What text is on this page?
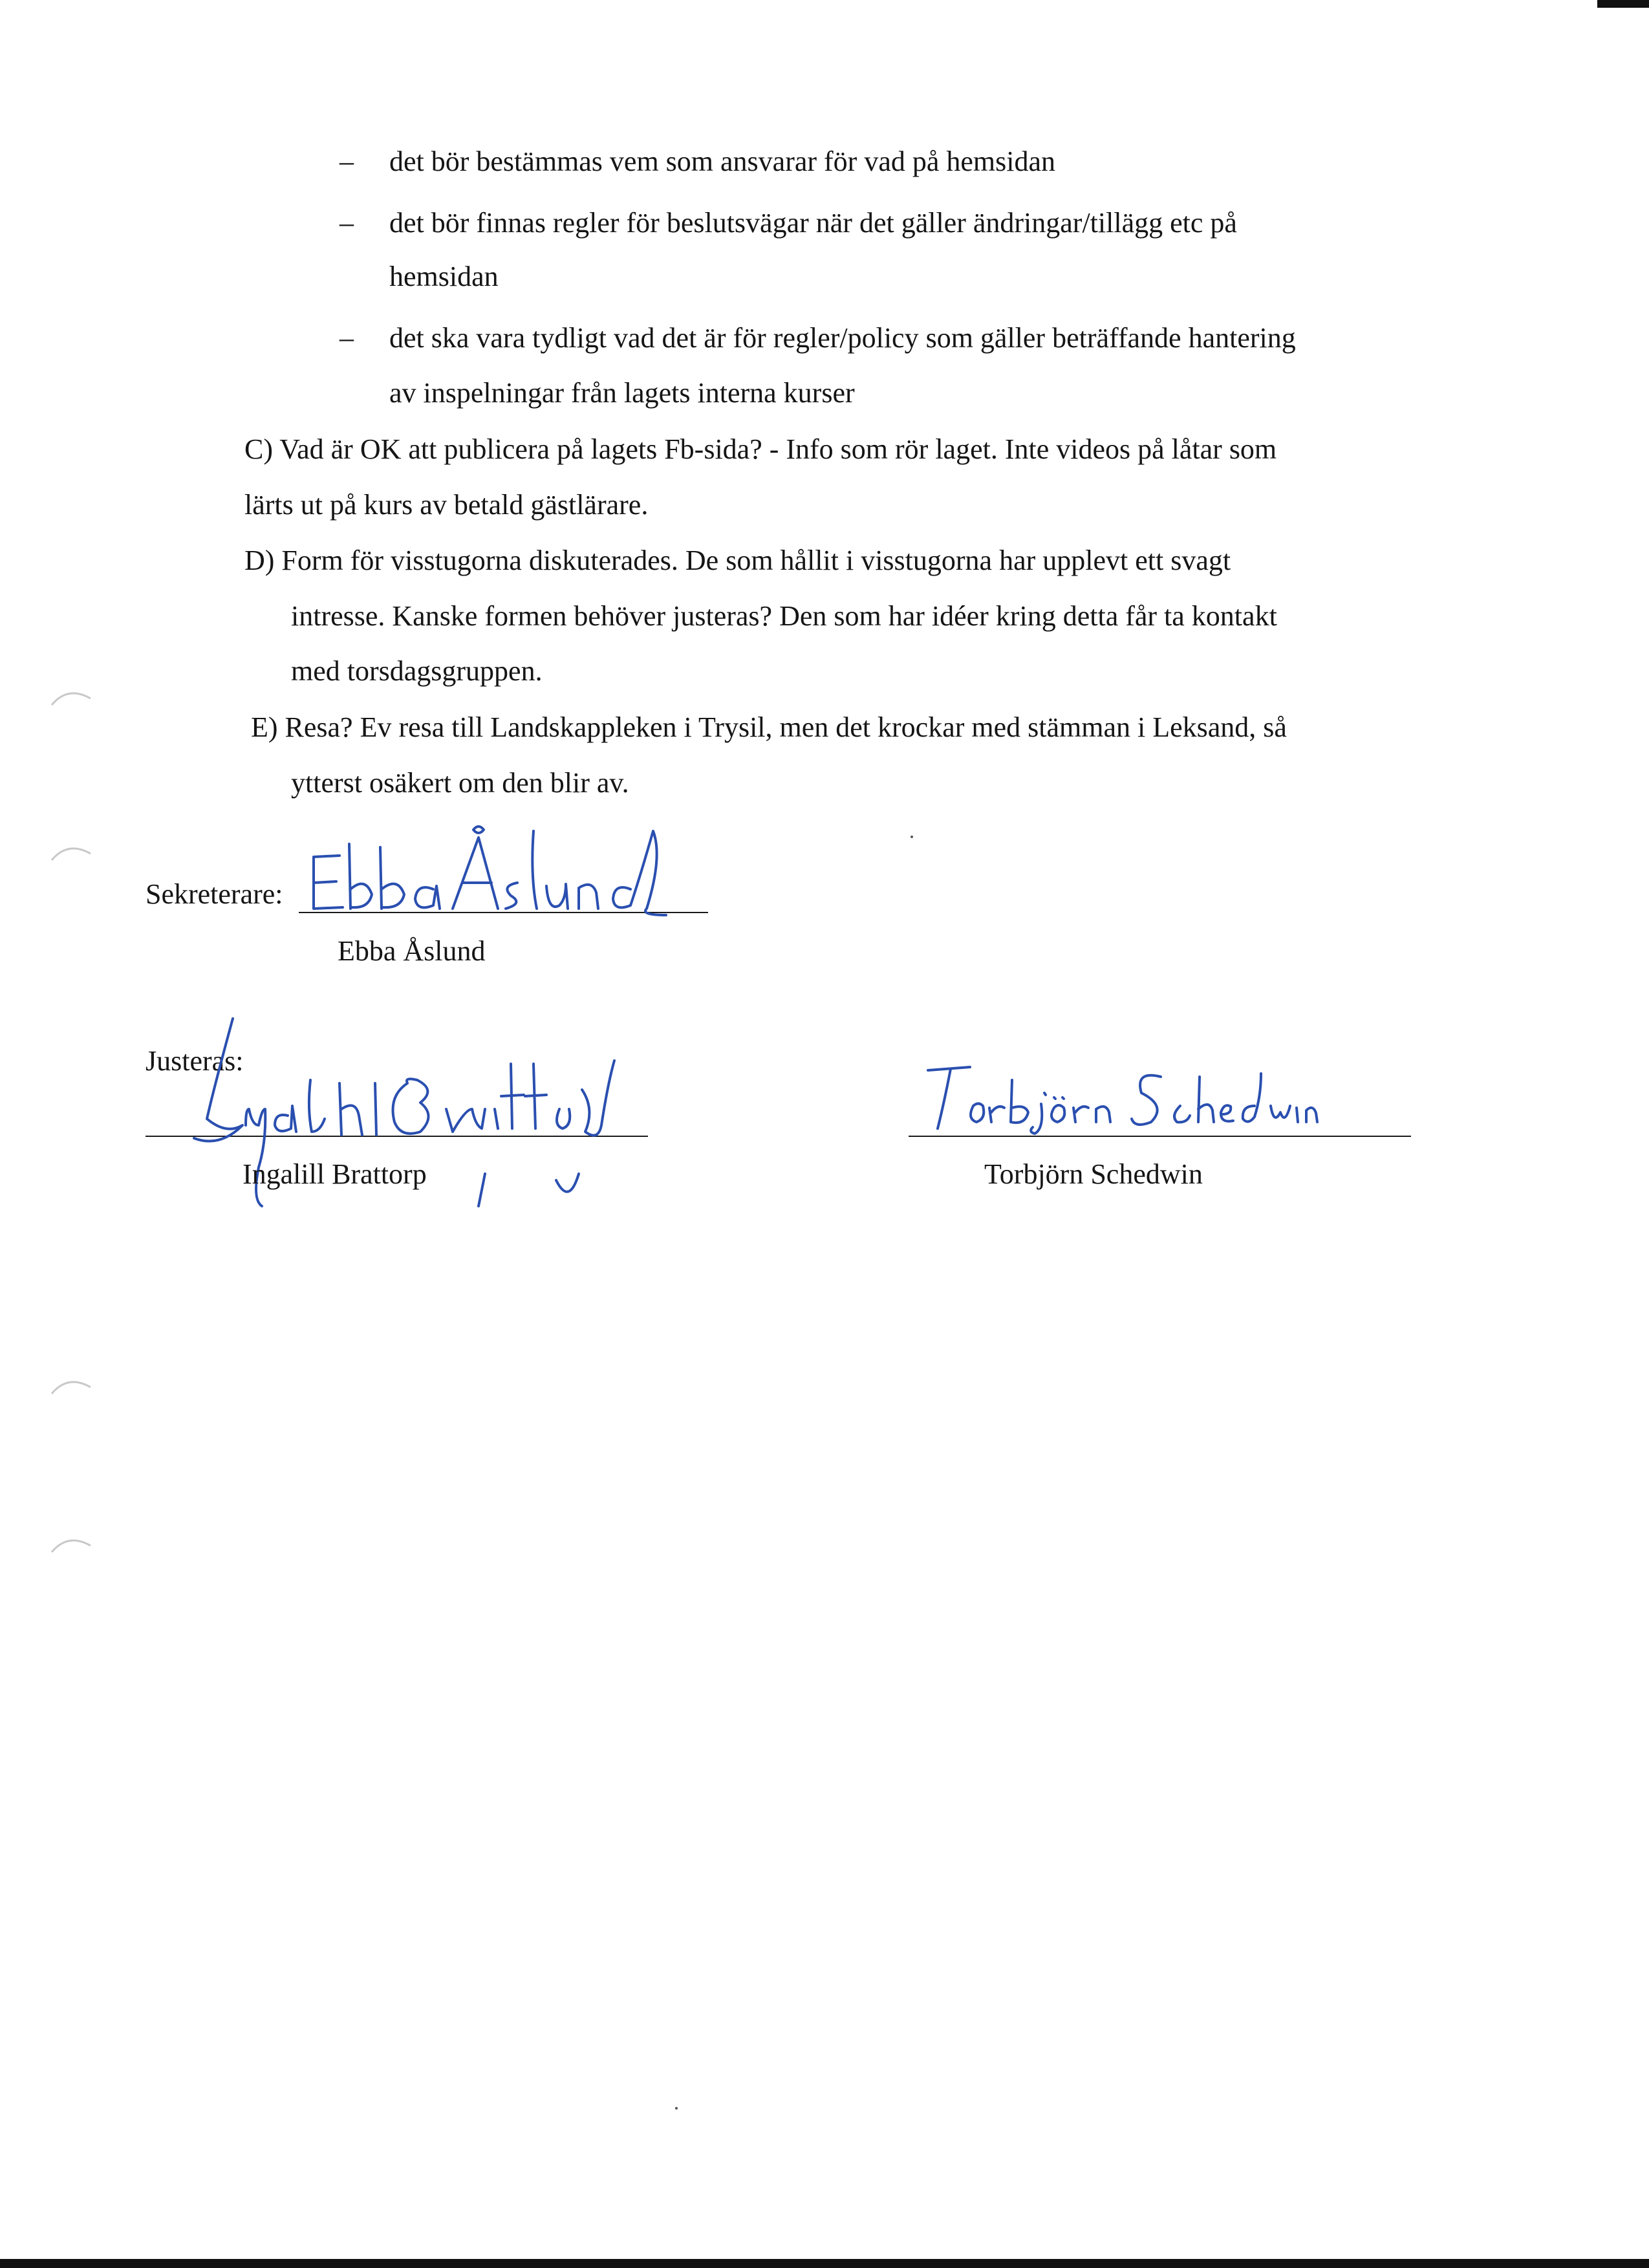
– det bör bestämmas vem som ansvarar för vad på hemsidan
– det bör finnas regler för beslutsvägar när det gäller ändringar/tillägg etc på
hemsidan
– det ska vara tydligt vad det är för regler/policy som gäller beträffande hantering
av inspelningar från lagets interna kurser
C) Vad är OK att publicera på lagets Fb-sida? - Info som rör laget. Inte videos på låtar som
lärts ut på kurs av betald gästlärare.
D) Form för visstugorna diskuterades. De som hållit i visstugorna har upplevt ett svagt
intresse. Kanske formen behöver justeras? Den som har idéer kring detta får ta kontakt
med torsdagsgruppen.
E) Resa? Ev resa till Landskappleken i Trysil, men det krockar med stämman i Leksand, så
ytterst osäkert om den blir av.
Sekreterare:
Ebba Åslund
Justeras:
Ingalill Brattorp	Torbjörn Schedwin
